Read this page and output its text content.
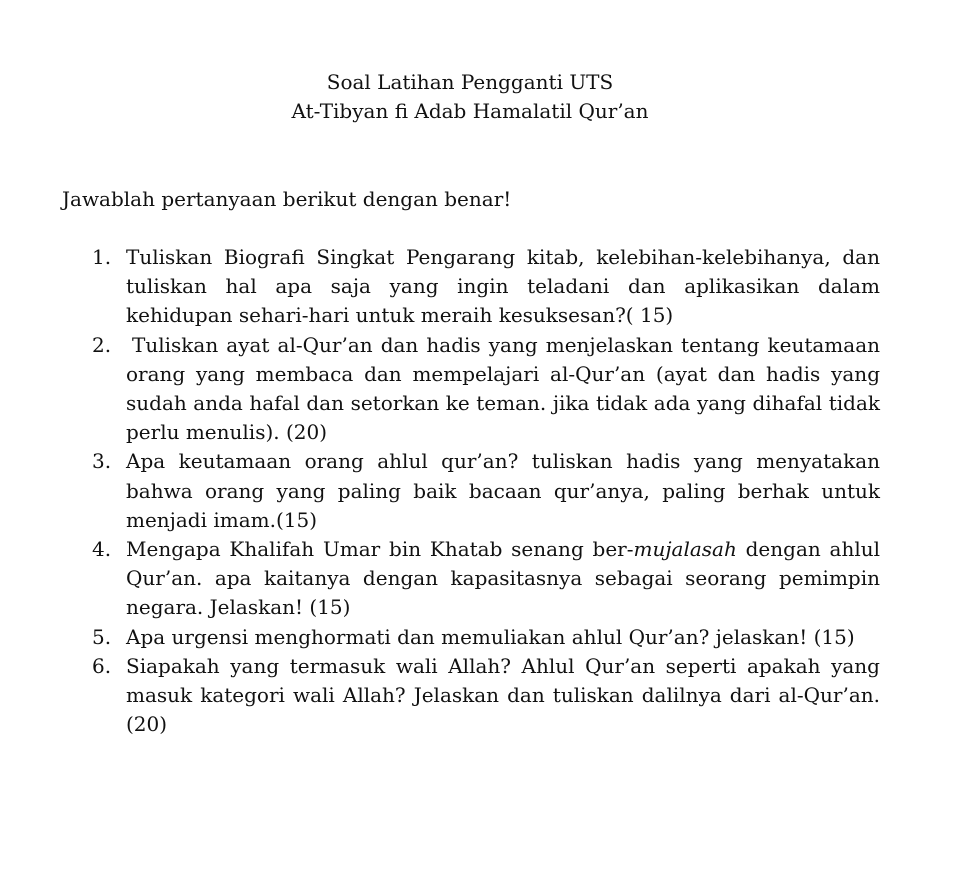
Soal Latihan Pengganti UTS
At-Tibyan fi Adab Hamalatil Qur’an
Jawablah pertanyaan berikut dengan benar!
1. Tuliskan Biografi Singkat Pengarang kitab, kelebihan-kelebihanya, dan tuliskan hal apa saja yang ingin teladani dan aplikasikan dalam kehidupan sehari-hari untuk meraih kesuksesan?( 15)
2.	Tuliskan ayat al-Qur’an dan hadis yang menjelaskan tentang keutamaan orang yang membaca dan mempelajari al-Qur’an (ayat dan hadis yang sudah anda hafal dan setorkan ke teman. jika tidak ada yang dihafal tidak perlu menulis). (20)
3. Apa keutamaan orang ahlul qur’an? tuliskan hadis yang menyatakan bahwa orang yang paling baik bacaan qur’anya, paling berhak untuk menjadi imam.(15)
4. Mengapa Khalifah Umar bin Khatab senang ber-mujalasah dengan ahlul Qur’an. apa kaitanya dengan kapasitasnya sebagai seorang pemimpin negara. Jelaskan! (15)
5. Apa urgensi menghormati dan memuliakan ahlul Qur’an? jelaskan! (15)
6. Siapakah yang termasuk wali Allah? Ahlul Qur’an seperti apakah yang masuk kategori wali Allah? Jelaskan dan tuliskan dalilnya dari al-Qur’an. (20)
